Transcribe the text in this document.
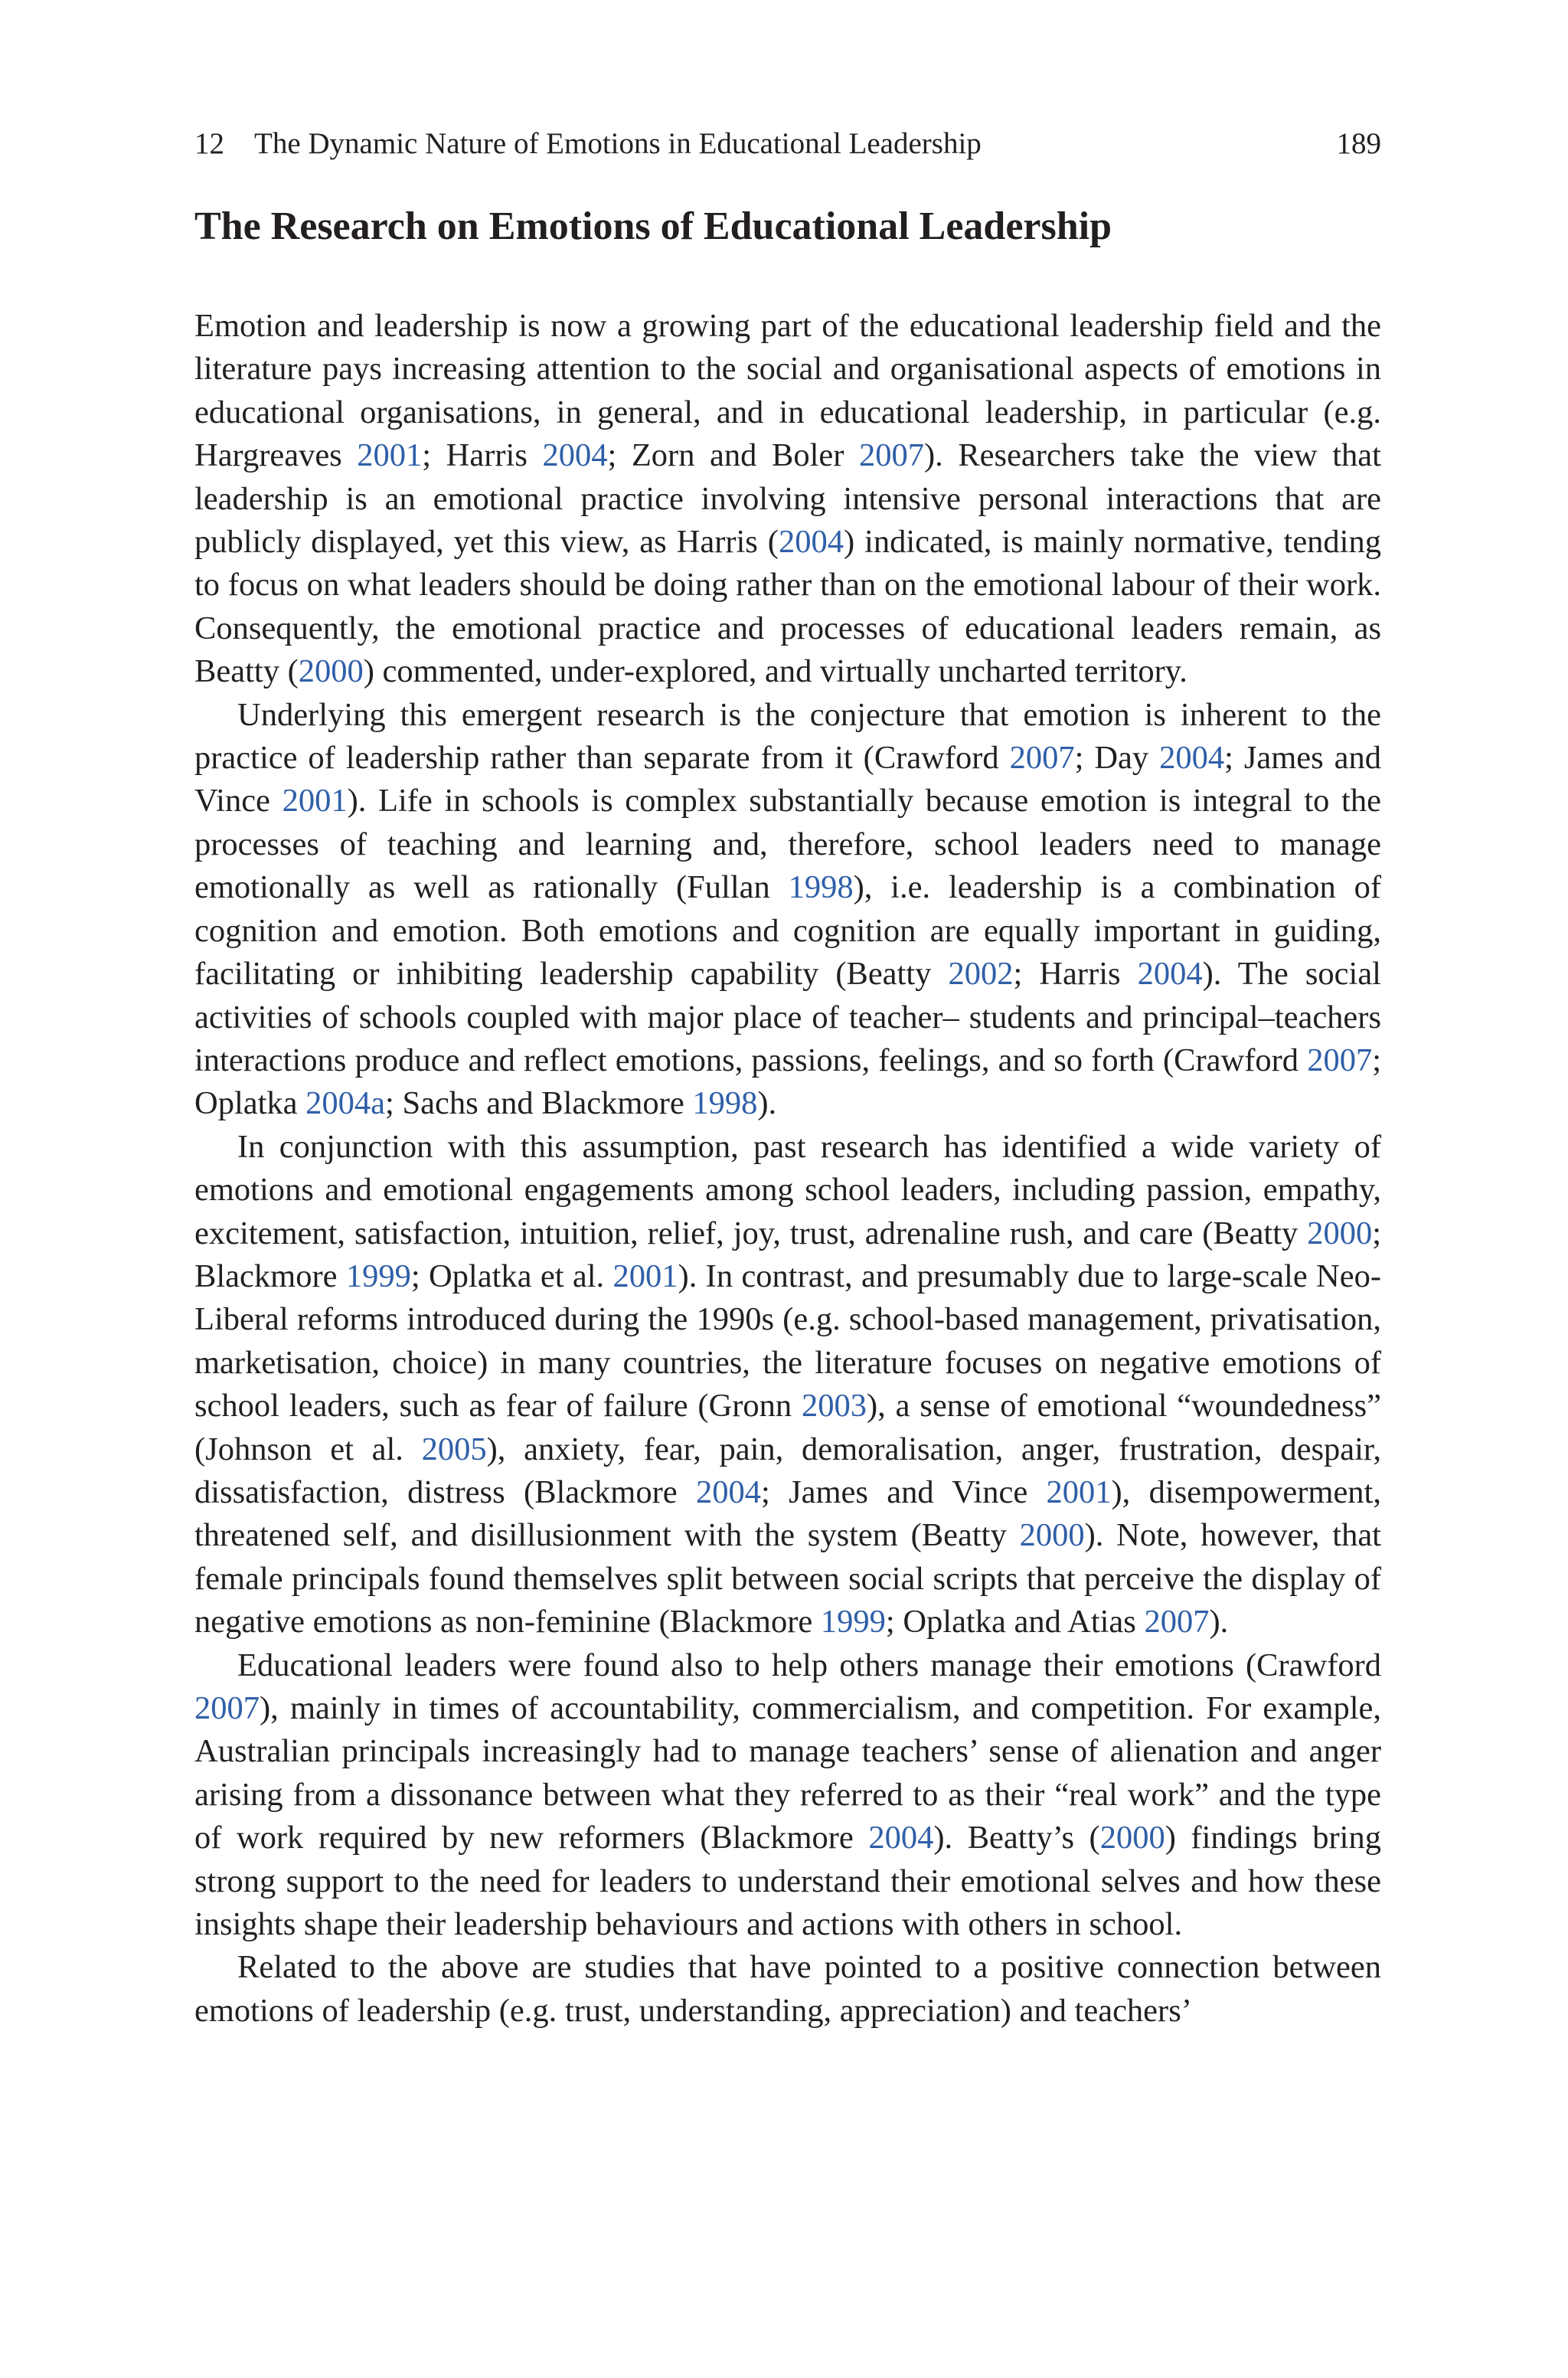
12 The Dynamic Nature of Emotions in Educational Leadership	189
The Research on Emotions of Educational Leadership

Emotion and leadership is now a growing part of the educational leadership field and the literature pays increasing attention to the social and organisational aspects of emotions in educational organisations, in general, and in educational leadership, in particular (e.g. Hargreaves 2001; Harris 2004; Zorn and Boler 2007). Researchers take the view that leadership is an emotional practice involving intensive personal interactions that are publicly displayed, yet this view, as Harris (2004) indicated, is mainly normative, tending to focus on what leaders should be doing rather than on the emotional labour of their work. Consequently, the emotional practice and processes of educational leaders remain, as Beatty (2000) commented, under-explored, and virtually uncharted territory.

Underlying this emergent research is the conjecture that emotion is inherent to the practice of leadership rather than separate from it (Crawford 2007; Day 2004; James and Vince 2001). Life in schools is complex substantially because emotion is integral to the processes of teaching and learning and, therefore, school leaders need to manage emotionally as well as rationally (Fullan 1998), i.e. leadership is a combination of cognition and emotion. Both emotions and cognition are equally important in guiding, facilitating or inhibiting leadership capability (Beatty 2002; Harris 2004). The social activities of schools coupled with major place of teacher– students and principal–teachers interactions produce and reflect emotions, passions, feelings, and so forth (Crawford 2007; Oplatka 2004a; Sachs and Blackmore 1998).

In conjunction with this assumption, past research has identified a wide variety of emotions and emotional engagements among school leaders, including passion, empathy, excitement, satisfaction, intuition, relief, joy, trust, adrenaline rush, and care (Beatty 2000; Blackmore 1999; Oplatka et al. 2001). In contrast, and presumably due to large-scale Neo-Liberal reforms introduced during the 1990s (e.g. school-based management, privatisation, marketisation, choice) in many countries, the literature focuses on negative emotions of school leaders, such as fear of failure (Gronn 2003), a sense of emotional “woundedness” (Johnson et al. 2005), anxiety, fear, pain, demoralisation, anger, frustration, despair, dissatisfaction, distress (Blackmore 2004; James and Vince 2001), disempowerment, threatened self, and disillusionment with the system (Beatty 2000). Note, however, that female principals found themselves split between social scripts that perceive the display of negative emotions as non-feminine (Blackmore 1999; Oplatka and Atias 2007).

Educational leaders were found also to help others manage their emotions (Crawford 2007), mainly in times of accountability, commercialism, and competition. For example, Australian principals increasingly had to manage teachers’ sense of alienation and anger arising from a dissonance between what they referred to as their “real work” and the type of work required by new reformers (Blackmore 2004). Beatty’s (2000) findings bring strong support to the need for leaders to understand their emotional selves and how these insights shape their leadership behaviours and actions with others in school.

Related to the above are studies that have pointed to a positive connection between emotions of leadership (e.g. trust, understanding, appreciation) and teachers’
